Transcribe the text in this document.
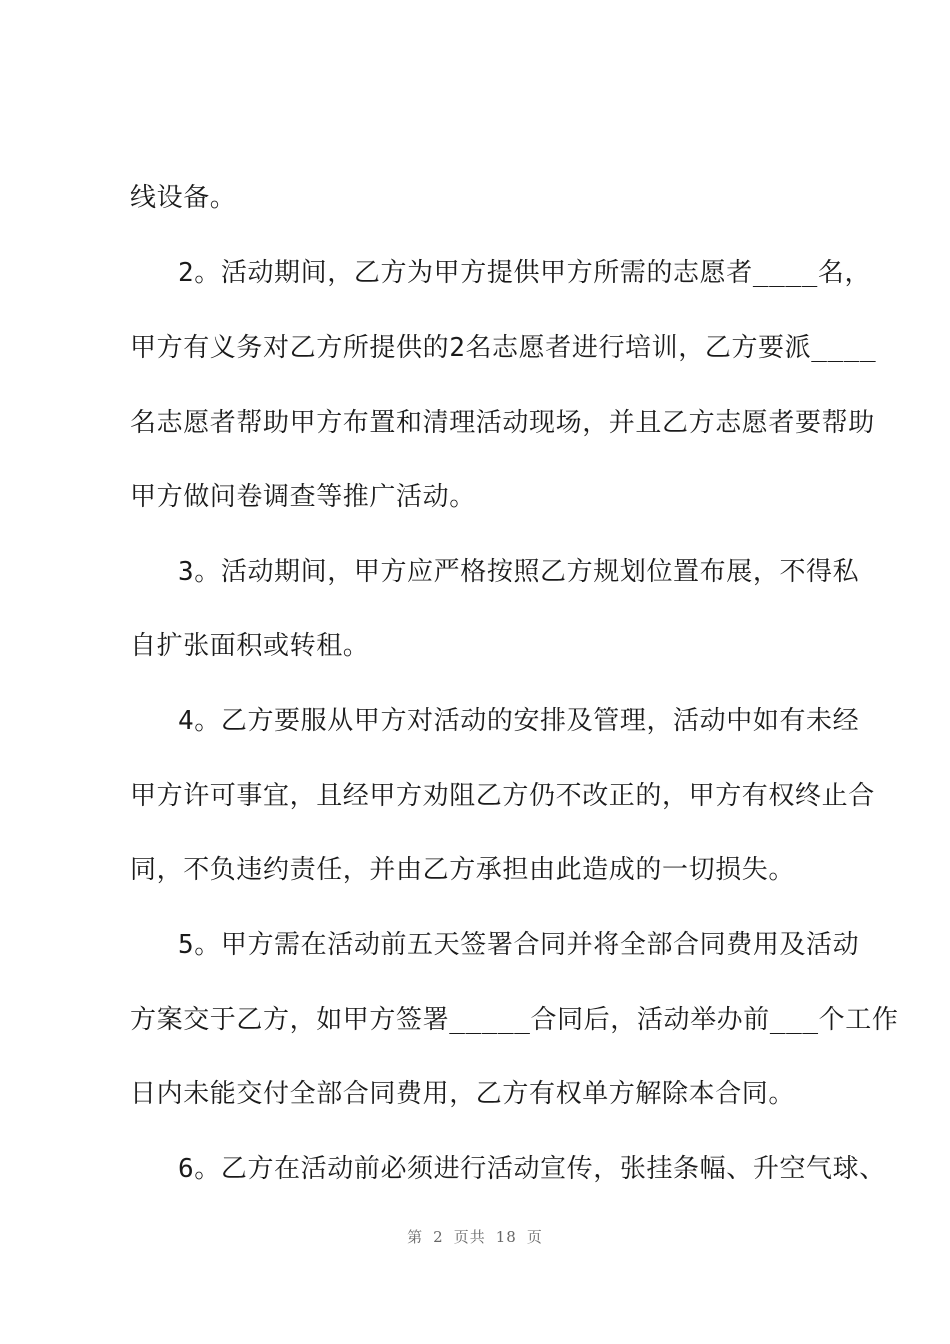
线设备。
2。活动期间，乙方为甲方提供甲方所需的志愿者____名，
甲方有义务对乙方所提供的2名志愿者进行培训，乙方要派____
名志愿者帮助甲方布置和清理活动现场，并且乙方志愿者要帮助
甲方做问卷调查等推广活动。
3。活动期间，甲方应严格按照乙方规划位置布展，不得私
自扩张面积或转租。
4。乙方要服从甲方对活动的安排及管理，活动中如有未经
甲方许可事宜，且经甲方劝阻乙方仍不改正的，甲方有权终止合
同，不负违约责任，并由乙方承担由此造成的一切损失。
5。甲方需在活动前五天签署合同并将全部合同费用及活动
方案交于乙方，如甲方签署_____合同后，活动举办前___个工作
日内未能交付全部合同费用，乙方有权单方解除本合同。
6。乙方在活动前必须进行活动宣传，张挂条幅、升空气球、
第 2 页共 18 页
